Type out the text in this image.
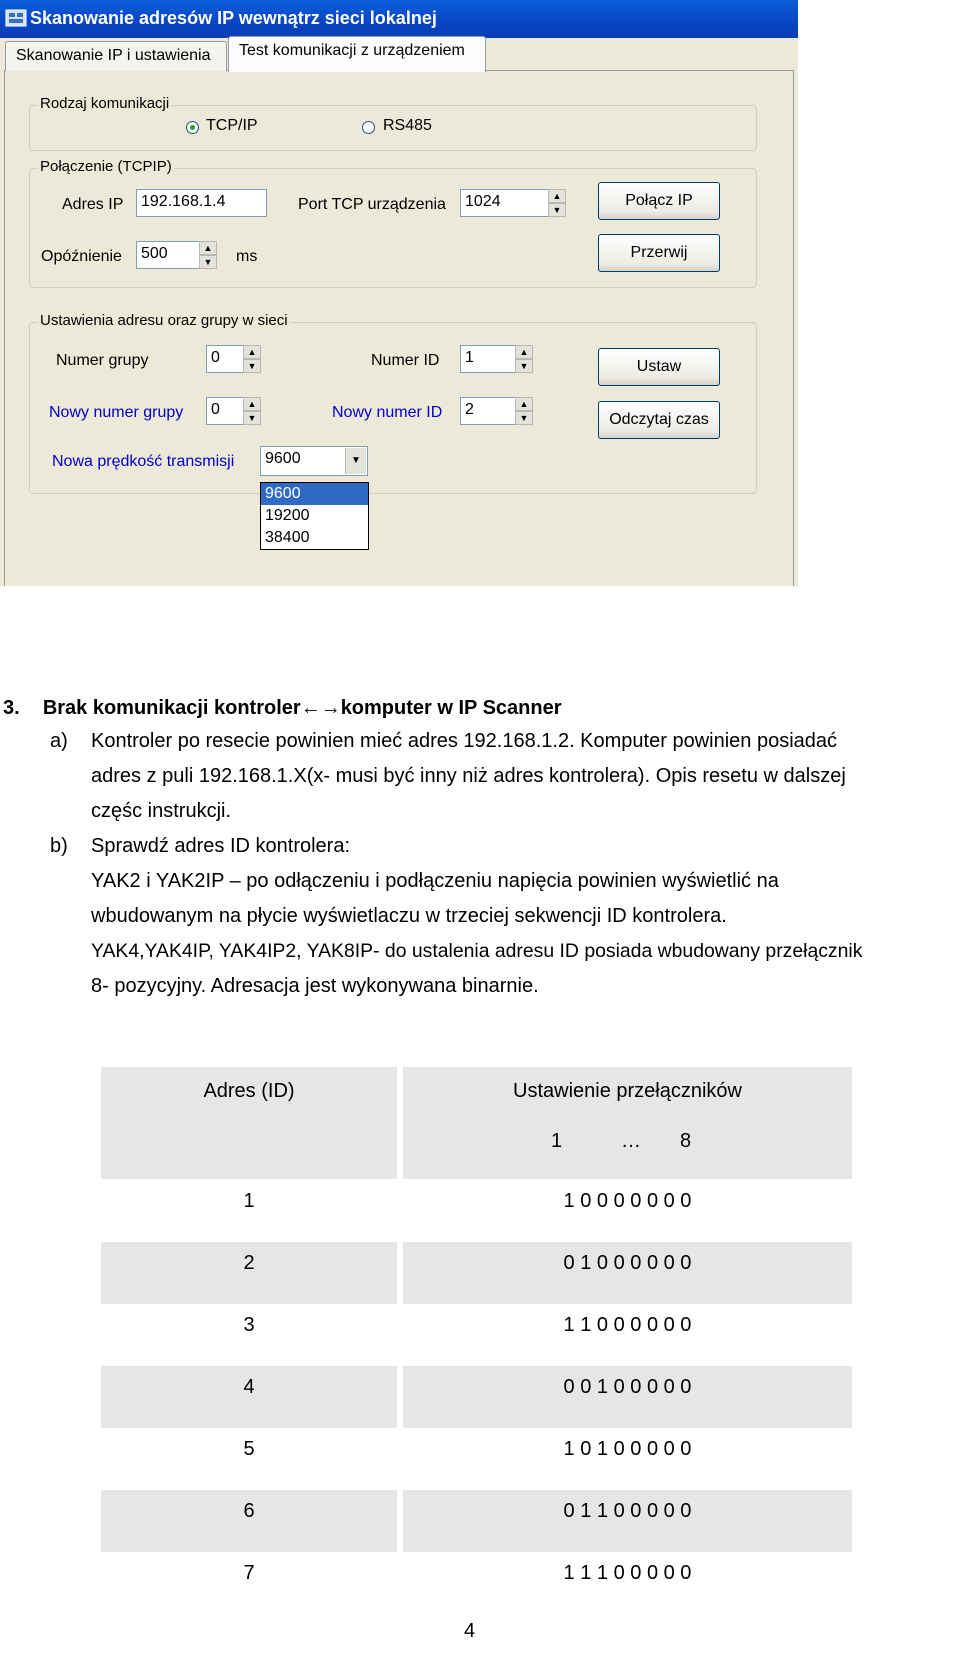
Skanowanie adresów IP wewnątrz sieci lokalnej
Skanowanie IP i ustawienia	Test komunikacji z urządzeniem
Rodzaj komunikacji
TCP/IP	RS485
Połączenie (TCPIP)
Adres IP	192.168.1.4	Port TCP urządzenia	1024	▲
▼
Połącz IP
Opóźnienie	500	▲
▼ ms	Przerwij
Ustawienia adresu oraz grupy w sieci
Numer grupy	0	▲
▼	Numer ID	1	▲
▼	Ustaw
Nowy numer grupy	0	▲
▼	Nowy numer ID	2	▲
▼	Odczytaj czas
Nowa prędkość transmisji	9600	▼
9600
19200
38400
3. Brak komunikacji kontroler←→komputer w IP Scanner
a) Kontroler po resecie powinien mieć adres 192.168.1.2. Komputer powinien posiadać
adres z puli 192.168.1.X(x- musi być inny niż adres kontrolera). Opis resetu w dalszej
częśc instrukcji.
b) Sprawdź adres ID kontrolera:
YAK2 i YAK2IP – po odłączeniu i podłączeniu napięcia powinien wyświetlić na
wbudowanym na płycie wyświetlaczu w trzeciej sekwencji ID kontrolera.
YAK4,YAK4IP, YAK4IP2, YAK8IP- do ustalenia adresu ID posiada wbudowany przełącznik
8- pozycyjny. Adresacja jest wykonywana binarnie.
Adres (ID)	Ustawienie przełączników
1	… 8
1	1 0 0 0 0 0 0 0
2	0 1 0 0 0 0 0 0
3	1 1 0 0 0 0 0 0
4	0 0 1 0 0 0 0 0
5	1 0 1 0 0 0 0 0
6	0 1 1 0 0 0 0 0
7	1 1 1 0 0 0 0 0
4
